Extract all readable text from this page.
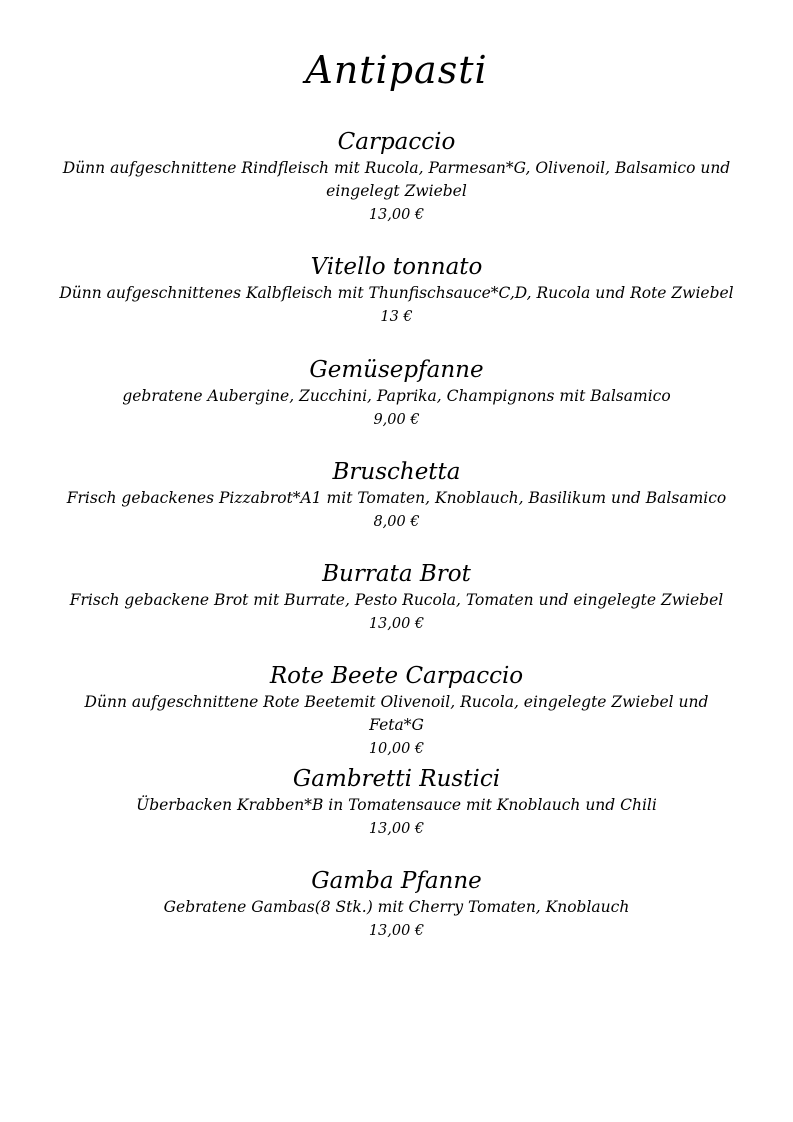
Antipasti
Carpaccio

Dünn aufgeschnittene Rindfleisch mit Rucola, Parmesan*G, Olivenoil, Balsamico und eingelegt Zwiebel

13,00 €

Vitello tonnato

Dünn aufgeschnittenes Kalbfleisch mit Thunfischsauce*C,D, Rucola und Rote Zwiebel

13 €

Gemüsepfanne

gebratene Aubergine, Zucchini, Paprika, Champignons mit Balsamico

9,00 €

Bruschetta

Frisch gebackenes Pizzabrot*A1 mit Tomaten, Knoblauch, Basilikum und Balsamico

8,00 €

Burrata Brot

Frisch gebackene Brot mit Burrate, Pesto Rucola, Tomaten und eingelegte Zwiebel

13,00 €

Rote Beete Carpaccio

Dünn aufgeschnittene Rote Beetemit Olivenoil, Rucola, eingelegte Zwiebel und Feta*G

10,00 €

Gambretti Rustici

Überbacken Krabben*B in Tomatensauce mit Knoblauch und Chili

13,00 €

Gamba Pfanne

Gebratene Gambas(8 Stk.) mit Cherry Tomaten, Knoblauch

13,00 €
